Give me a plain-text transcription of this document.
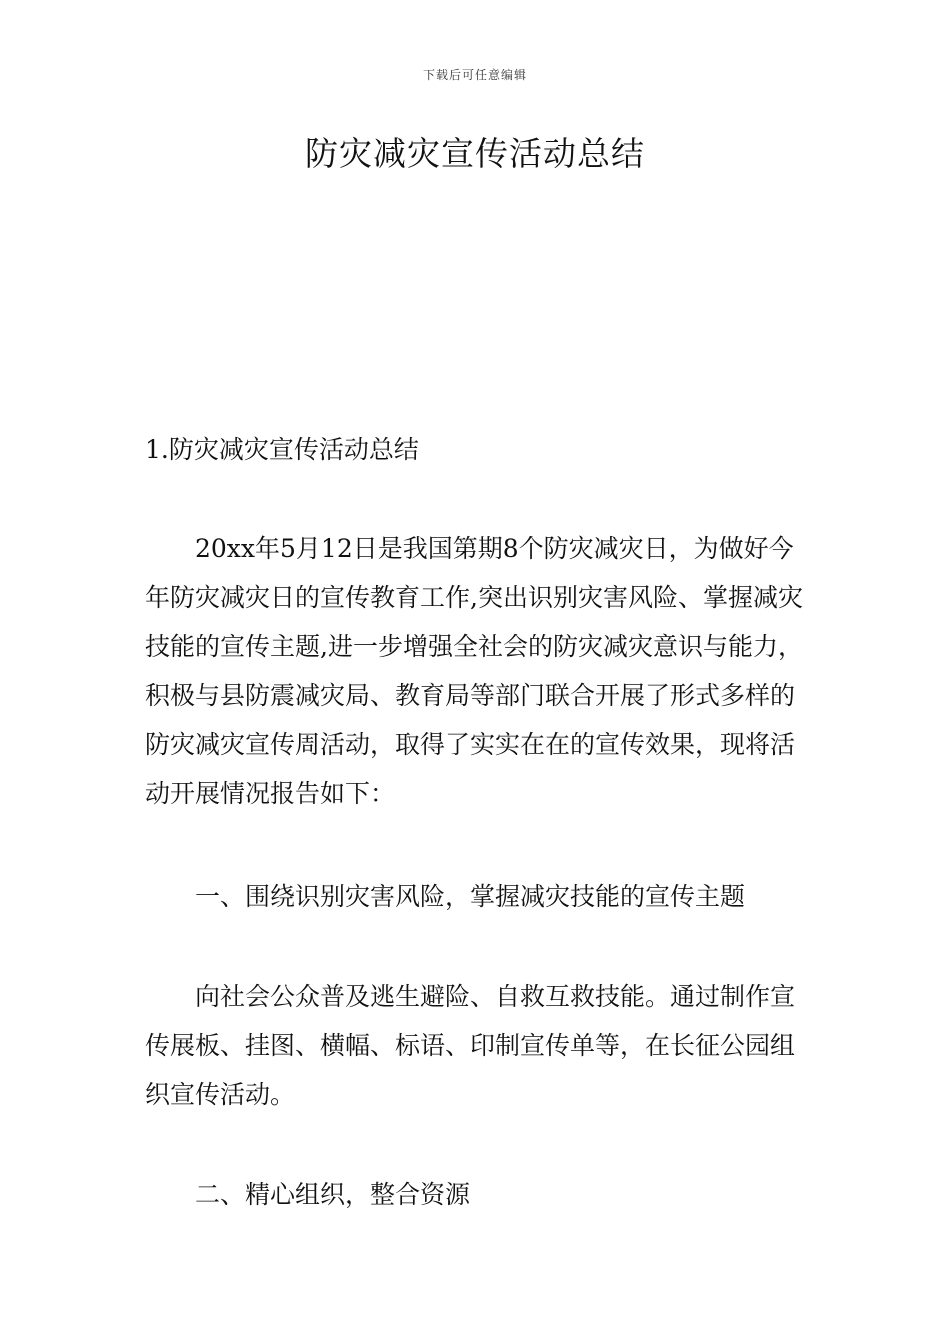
下载后可任意编辑
防灾减灾宣传活动总结
1.防灾减灾宣传活动总结
20xx年5月12日是我国第期8个防灾减灾日，为做好今年防灾减灾日的宣传教育工作,突出识别灾害风险、掌握减灾技能的宣传主题,进一步增强全社会的防灾减灾意识与能力，积极与县防震减灾局、教育局等部门联合开展了形式多样的防灾减灾宣传周活动，取得了实实在在的宣传效果，现将活动开展情况报告如下：
一、围绕识别灾害风险，掌握减灾技能的宣传主题
向社会公众普及逃生避险、自救互救技能。通过制作宣传展板、挂图、横幅、标语、印制宣传单等，在长征公园组织宣传活动。
二、精心组织，整合资源
